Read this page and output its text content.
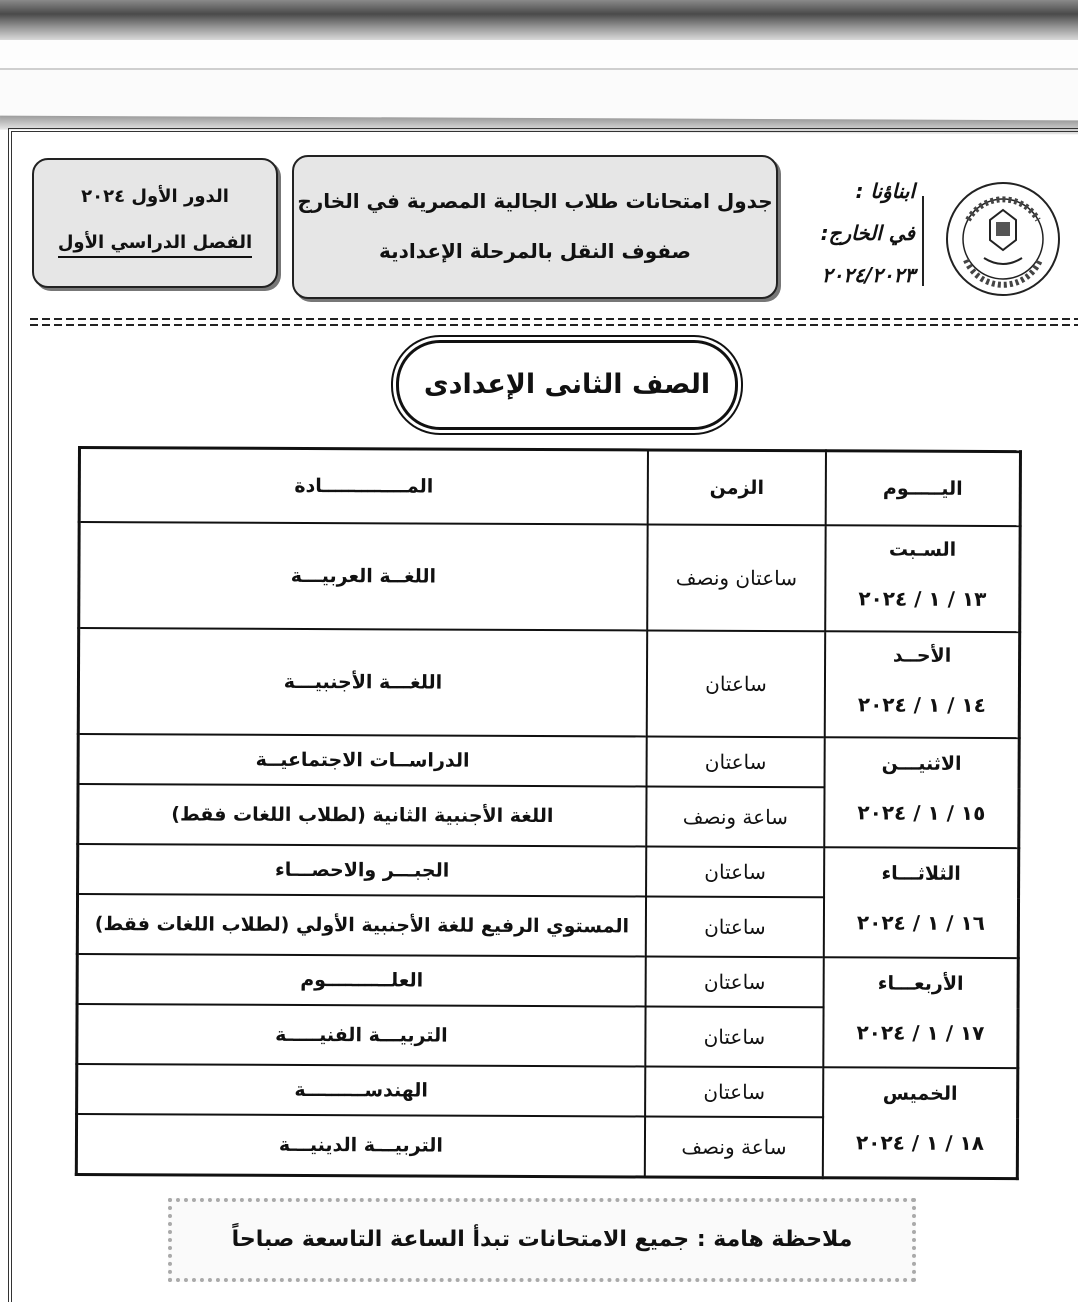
ابناؤنا :
في الخارج:
٢٠٢٤/٢٠٢٣
جدول امتحانات طلاب الجالية المصرية في الخارج
صفوف النقل بالمرحلة الإعدادية
الدور الأول ٢٠٢٤
الفصل الدراسي الأول
الصف الثانى الإعدادى
اليـــــوم	الزمن	المـــــــــــــادة

السـبت
١٣ / ١ / ٢٠٢٤	ساعتان ونصف	اللغــة العربيـــة

الأحــد
١٤ / ١ / ٢٠٢٤	ساعتان	اللغـــة الأجنبيـــة

الاثنيـــن
١٥ / ١ / ٢٠٢٤	ساعتان	الدراســات الاجتماعيــة
	ساعة ونصف	اللغة الأجنبية الثانية (لطلاب اللغات فقط)

الثلاثـــاء
١٦ / ١ / ٢٠٢٤	ساعتان	الجبـــر والاحصـــاء
	ساعتان	المستوي الرفيع للغة الأجنبية الأولي (لطلاب اللغات فقط)

الأربعـــاء
١٧ / ١ / ٢٠٢٤	ساعتان	العلــــــــــوم
	ساعتان	التربيـــة الفنيـــــة

الخميس
١٨ / ١ / ٢٠٢٤	ساعتان	الهندســـــــــة
	ساعة ونصف	التربيـــة الدينيـــة
ملاحظة هامة : جميع الامتحانات تبدأ الساعة التاسعة صباحاً
